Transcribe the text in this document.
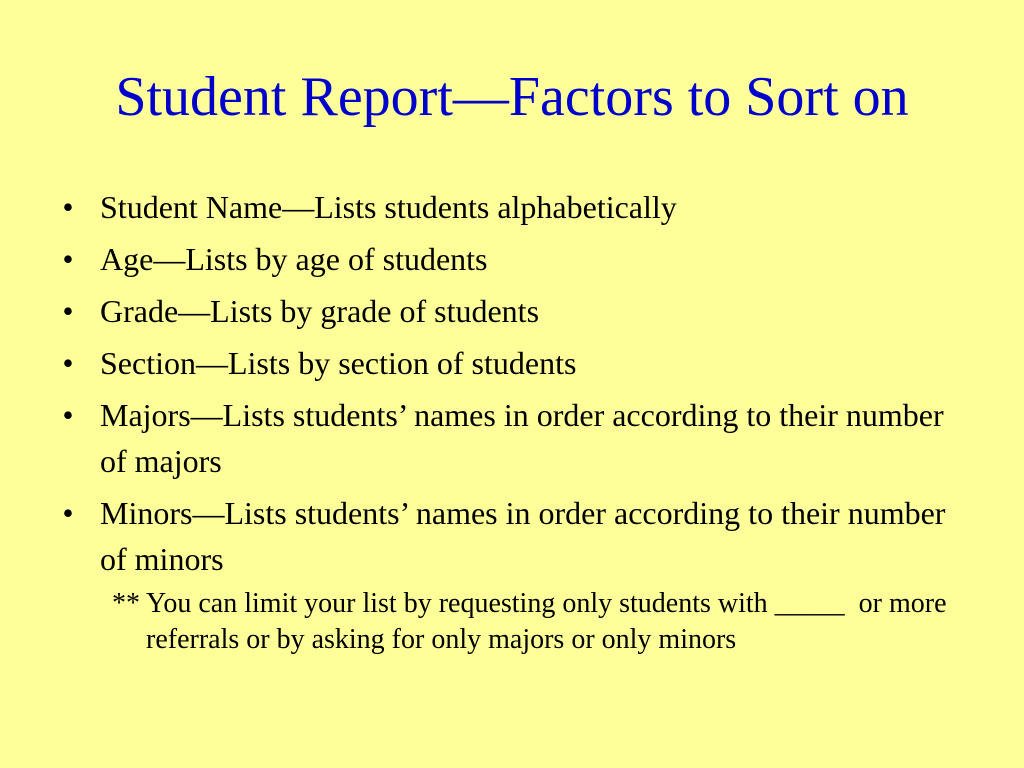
Student Report—Factors to Sort on
• Student Name—Lists students alphabetically
• Age—Lists by age of students
• Grade—Lists by grade of students
• Section—Lists by section of students
• Majors—Lists students’ names in order according to their number of majors
• Minors—Lists students’ names in order according to their number of minors

** You can limit your list by requesting only students with _____  or more referrals or by asking for only majors or only minors
